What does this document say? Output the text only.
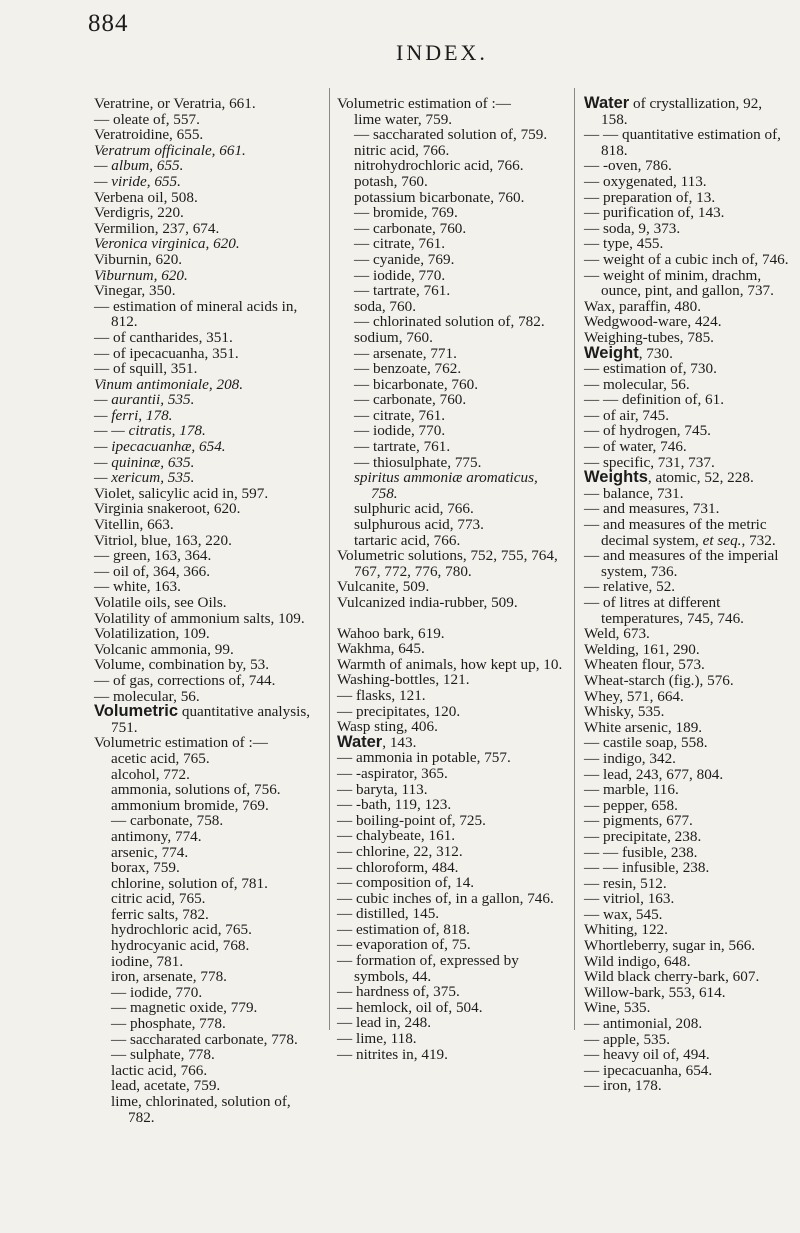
884
INDEX.
Veratrine, or Veratria, 661.
— oleate of, 557.
Veratroidine, 655.
Veratrum officinale, 661.
— album, 655.
— viride, 655.
Verbena oil, 508.
Verdigris, 220.
Vermilion, 237, 674.
Veronica virginica, 620.
Viburnin, 620.
Viburnum, 620.
Vinegar, 350.
— estimation of mineral acids in, 812.
— of cantharides, 351.
— of ipecacuanha, 351.
— of squill, 351.
Vinum antimoniale, 208.
— aurantii, 535.
— ferri, 178.
— — citratis, 178.
— ipecacuanhæ, 654.
— quininæ, 635.
— xericum, 535.
Violet, salicylic acid in, 597.
Virginia snakeroot, 620.
Vitellin, 663.
Vitriol, blue, 163, 220.
— green, 163, 364.
— oil of, 364, 366.
— white, 163.
Volatile oils, see Oils.
Volatility of ammonium salts, 109.
Volatilization, 109.
Volcanic ammonia, 99.
Volume, combination by, 53.
— of gas, corrections of, 744.
— molecular, 56.
Volumetric quantitative analysis, 751.
Volumetric estimation of :—
acetic acid, 765.
alcohol, 772.
ammonia, solutions of, 756.
ammonium bromide, 769.
— carbonate, 758.
antimony, 774.
arsenic, 774.
borax, 759.
chlorine, solution of, 781.
citric acid, 765.
ferric salts, 782.
hydrochloric acid, 765.
hydrocyanic acid, 768.
iodine, 781.
iron, arsenate, 778.
— iodide, 770.
— magnetic oxide, 779.
— phosphate, 778.
— saccharated carbonate, 778.
— sulphate, 778.
lactic acid, 766.
lead, acetate, 759.
lime, chlorinated, solution of, 782.
Volumetric estimation of :—
lime water, 759.
— saccharated solution of, 759.
nitric acid, 766.
nitrohydrochloric acid, 766.
potash, 760.
potassium bicarbonate, 760.
— bromide, 769.
— carbonate, 760.
— citrate, 761.
— cyanide, 769.
— iodide, 770.
— tartrate, 761.
soda, 760.
— chlorinated solution of, 782.
sodium, 760.
— arsenate, 771.
— benzoate, 762.
— bicarbonate, 760.
— carbonate, 760.
— citrate, 761.
— iodide, 770.
— tartrate, 761.
— thiosulphate, 775.
spiritus ammoniæ aromaticus, 758.
sulphuric acid, 766.
sulphurous acid, 773.
tartaric acid, 766.
Volumetric solutions, 752, 755, 764, 767, 772, 776, 780.
Vulcanite, 509.
Vulcanized india-rubber, 509.
Wahoo bark, 619.
Wakhma, 645.
Warmth of animals, how kept up, 10.
Washing-bottles, 121.
— flasks, 121.
— precipitates, 120.
Wasp sting, 406.
Water, 143.
— ammonia in potable, 757.
— -aspirator, 365.
— baryta, 113.
— -bath, 119, 123.
— boiling-point of, 725.
— chalybeate, 161.
— chlorine, 22, 312.
— chloroform, 484.
— composition of, 14.
— cubic inches of, in a gallon, 746.
— distilled, 145.
— estimation of, 818.
— evaporation of, 75.
— formation of, expressed by symbols, 44.
— hardness of, 375.
— hemlock, oil of, 504.
— lead in, 248.
— lime, 118.
— nitrites in, 419.
Water of crystallization, 92, 158.
— — quantitative estimation of, 818.
— -oven, 786.
— oxygenated, 113.
— preparation of, 13.
— purification of, 143.
— soda, 9, 373.
— type, 455.
— weight of a cubic inch of, 746.
— weight of minim, drachm, ounce, pint, and gallon, 737.
Wax, paraffin, 480.
Wedgwood-ware, 424.
Weighing-tubes, 785.
Weight, 730.
— estimation of, 730.
— molecular, 56.
— — definition of, 61.
— of air, 745.
— of hydrogen, 745.
— of water, 746.
— specific, 731, 737.
Weights, atomic, 52, 228.
— balance, 731.
— and measures, 731.
— and measures of the metric decimal system, et seq., 732.
— and measures of the imperial system, 736.
— relative, 52.
— of litres at different temperatures, 745, 746.
Weld, 673.
Welding, 161, 290.
Wheaten flour, 573.
Wheat-starch (fig.), 576.
Whey, 571, 664.
Whisky, 535.
White arsenic, 189.
— castile soap, 558.
— indigo, 342.
— lead, 243, 677, 804.
— marble, 116.
— pepper, 658.
— pigments, 677.
— precipitate, 238.
— — fusible, 238.
— — infusible, 238.
— resin, 512.
— vitriol, 163.
— wax, 545.
Whiting, 122.
Whortleberry, sugar in, 566.
Wild indigo, 648.
Wild black cherry-bark, 607.
Willow-bark, 553, 614.
Wine, 535.
— antimonial, 208.
— apple, 535.
— heavy oil of, 494.
— ipecacuanha, 654.
— iron, 178.
